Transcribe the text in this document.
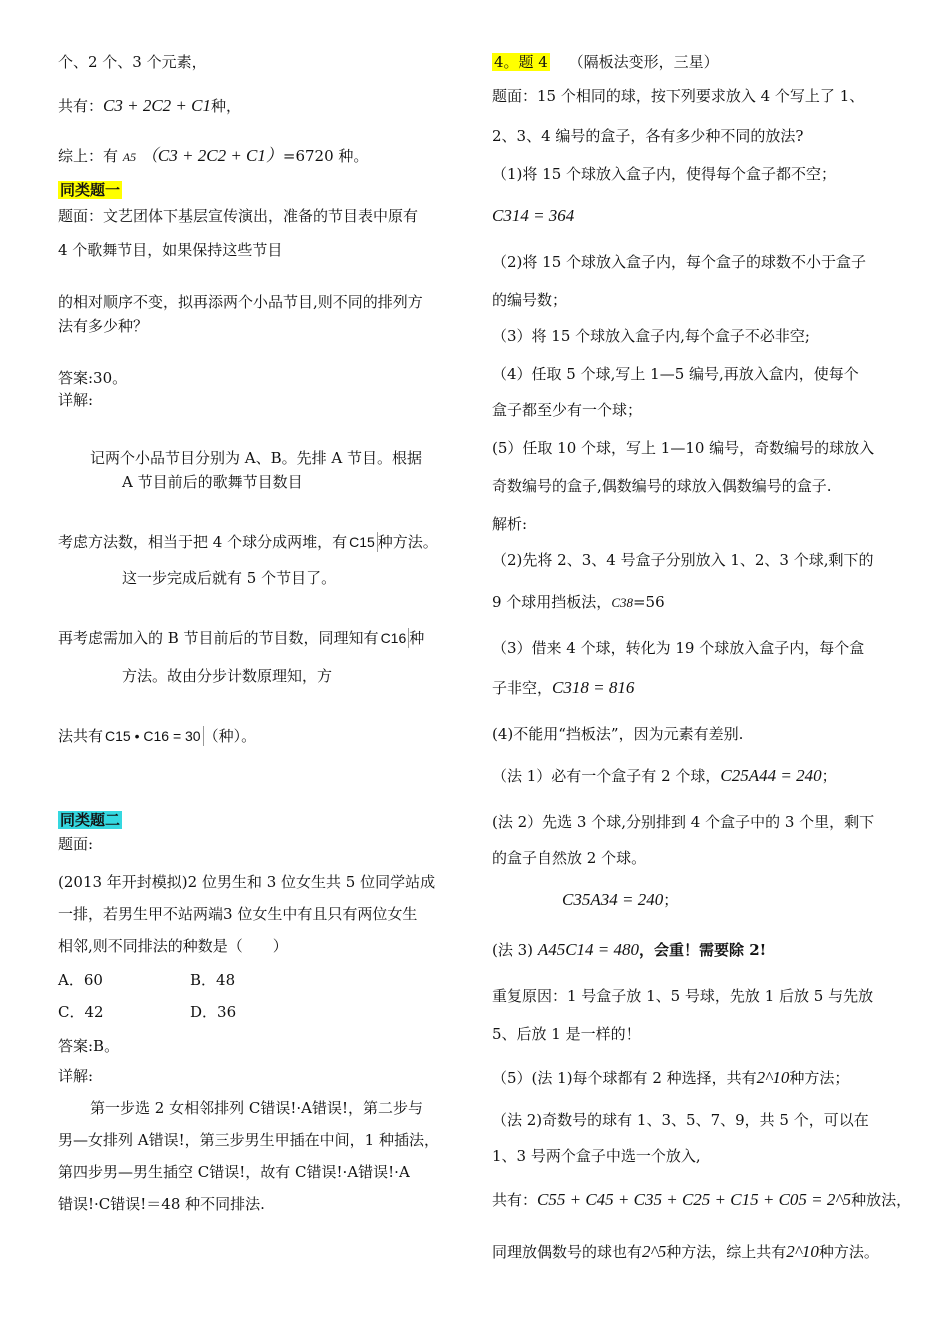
个、2 个、3 个元素，
共有：C3 + 2C2 + C1种，
综上：有 A5 （C3 + 2C2 + C1）=6720 种。
同类题一
题面：文艺团体下基层宣传演出，准备的节目表中原有
4 个歌舞节目，如果保持这些节目
的相对顺序不变，拟再添两个小品节目,则不同的排列方
法有多少种？
答案:30。
详解:
记两个小品节目分别为 A、B。先排 A 节目。根据
A 节目前后的歌舞节目数目
考虑方法数，相当于把 4 个球分成两堆，有 C15 种方法。
这一步完成后就有 5 个节目了。
再考虑需加入的 B 节目前后的节目数，同理知有 C16 种
方法。故由分步计数原理知，方
法共有 C15 • C16 = 30 （种）。
同类题二
题面:
(2013 年开封模拟)2 位男生和 3 位女生共 5 位同学站成
一排，若男生甲不站两端3 位女生中有且只有两位女生
相邻,则不同排法的种数是（　　）
A．60	B．48
C．42	D．36
答案:B。
详解:
第一步选 2 女相邻排列 C错误!·A错误!，第二步与
男—女排列 A错误!，第三步男生甲插在中间，1 种插法，
第四步男—男生插空 C错误!，故有 C错误!·A错误!·A
错误!·C错误!＝48 种不同排法.
4。题 4 （隔板法变形，三星）
题面：15 个相同的球，按下列要求放入 4 个写上了 1、
2、3、4 编号的盒子，各有多少种不同的放法?
（1)将 15 个球放入盒子内，使得每个盒子都不空；
C314 = 364
（2)将 15 个球放入盒子内，每个盒子的球数不小于盒子
的编号数；
（3）将 15 个球放入盒子内,每个盒子不必非空;
（4）任取 5 个球,写上 1—5 编号,再放入盒内，使每个
盒子都至少有一个球；
(5）任取 10 个球，写上 1—10 编号，奇数编号的球放入
奇数编号的盒子,偶数编号的球放入偶数编号的盒子.
解析:
（2)先将 2、3、4 号盒子分别放入 1、2、3 个球,剩下的
9 个球用挡板法，C38=56
（3）借来 4 个球，转化为 19 个球放入盒子内，每个盒
子非空，C318 = 816
(4)不能用“挡板法”，因为元素有差别.
（法 1）必有一个盒子有 2 个球，C25A44 = 240；
(法 2）先选 3 个球,分别排到 4 个盒子中的 3 个里，剩下
的盒子自然放 2 个球。
C35A34 = 240；
(法 3) A45C14 = 480，会重！需要除 2!
重复原因：1 号盒子放 1、5 号球，先放 1 后放 5 与先放
5、后放 1 是一样的！
（5）(法 1)每个球都有 2 种选择，共有2^10种方法；
（法 2)奇数号的球有 1、3、5、7、9，共 5 个，可以在
1、3 号两个盒子中选一个放入,
共有：C55 + C45 + C35 + C25 + C15 + C05 = 2^5种放法，
同理放偶数号的球也有2^5种方法，综上共有2^10种方法。
